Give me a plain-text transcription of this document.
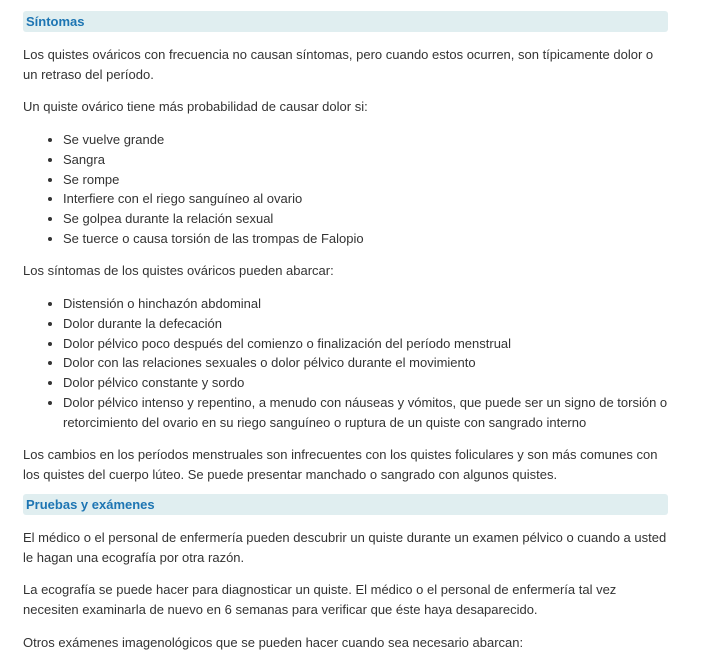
Síntomas

Los quistes ováricos con frecuencia no causan síntomas, pero cuando estos ocurren, son típicamente dolor o un retraso del período.

Un quiste ovárico tiene más probabilidad de causar dolor si:

• Se vuelve grande
• Sangra
• Se rompe
• Interfiere con el riego sanguíneo al ovario
• Se golpea durante la relación sexual
• Se tuerce o causa torsión de las trompas de Falopio

Los síntomas de los quistes ováricos pueden abarcar:

• Distensión o hinchazón abdominal
• Dolor durante la defecación
• Dolor pélvico poco después del comienzo o finalización del período menstrual
• Dolor con las relaciones sexuales o dolor pélvico durante el movimiento
• Dolor pélvico constante y sordo
• Dolor pélvico intenso y repentino, a menudo con náuseas y vómitos, que puede ser un signo de torsión o retorcimiento del ovario en su riego sanguíneo o ruptura de un quiste con sangrado interno

Los cambios en los períodos menstruales son infrecuentes con los quistes foliculares y son más comunes con los quistes del cuerpo lúteo. Se puede presentar manchado o sangrado con algunos quistes.

Pruebas y exámenes

El médico o el personal de enfermería pueden descubrir un quiste durante un examen pélvico o cuando a usted le hagan una ecografía por otra razón.

La ecografía se puede hacer para diagnosticar un quiste. El médico o el personal de enfermería tal vez necesiten examinarla de nuevo en 6 semanas para verificar que éste haya desaparecido.

Otros exámenes imagenológicos que se pueden hacer cuando sea necesario abarcan:
